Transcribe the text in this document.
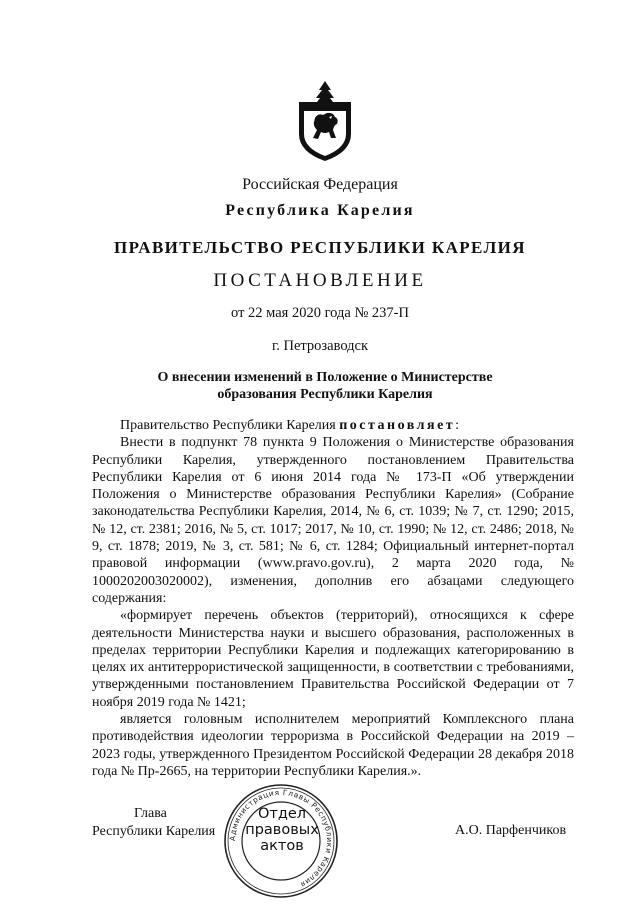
Российская Федерация
Республика Карелия
ПРАВИТЕЛЬСТВО РЕСПУБЛИКИ КАРЕЛИЯ
ПОСТАНОВЛЕНИЕ
от 22 мая 2020 года № 237-П
г. Петрозаводск
О внесении изменений в Положение о Министерстве
образования Республики Карелия

Правительство Республики Карелия постановляет:

Внести в подпункт 78 пункта 9 Положения о Министерстве образования Республики Карелия, утвержденного постановлением Правительства Республики Карелия от 6 июня 2014 года № 173-П «Об утверждении Положения о Министерстве образования Республики Карелия» (Собрание законодательства Республики Карелия, 2014, № 6, ст. 1039; № 7, ст. 1290; 2015, № 12, ст. 2381; 2016, № 5, ст. 1017; 2017, № 10, ст. 1990; № 12, ст. 2486; 2018, № 9, ст. 1878; 2019, № 3, ст. 581; № 6, ст. 1284; Официальный интернет-портал правовой информации (www.pravo.gov.ru), 2 марта 2020 года, № 1000202003020002), изменения, дополнив его абзацами следующего содержания:

«формирует перечень объектов (территорий), относящихся к сфере деятельности Министерства науки и высшего образования, расположенных в пределах территории Республики Карелия и подлежащих категорированию в целях их антитеррористической защищенности, в соответствии с требованиями, утвержденными постановлением Правительства Российской Федерации от 7 ноября 2019 года № 1421;

является головным исполнителем мероприятий Комплексного плана противодействия идеологии терроризма в Российской Федерации на 2019 – 2023 годы, утвержденного Президентом Российской Федерации 28 декабря 2018 года № Пр-2665, на территории Республики Карелия.».

Глава
Республики Карелия	Администрация Главы Республики Карелия
Отдел
правовых
актов
А.О. Парфенчиков
